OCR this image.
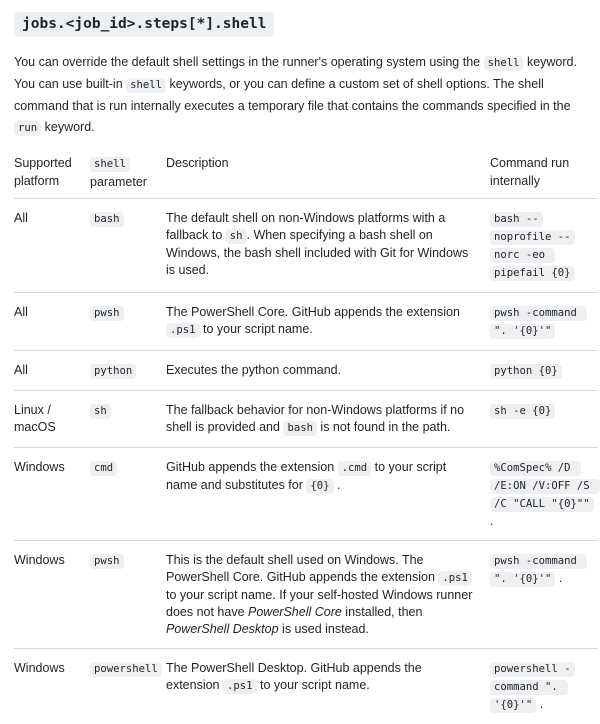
jobs.<job_id>.steps[*].shell

You can override the default shell settings in the runner's operating system using the shell keyword. You can use built-in shell keywords, or you can define a custom set of shell options. The shell command that is run internally executes a temporary file that contains the commands specified in the run keyword.

Supported platform	shell parameter	Description	Command run internally
All	bash	The default shell on non-Windows platforms with a fallback to sh . When specifying a bash shell on Windows, the bash shell included with Git for Windows is used.	bash --noprofile --norc -eo pipefail {0}
All	pwsh	The PowerShell Core. GitHub appends the extension .ps1 to your script name.	pwsh -command ". '{0}'"
All	python	Executes the python command.	python {0}
Linux / macOS	sh	The fallback behavior for non-Windows platforms if no shell is provided and bash is not found in the path.	sh -e {0}
Windows	cmd	GitHub appends the extension .cmd to your script name and substitutes for {0} .	%ComSpec% /D /E:ON /V:OFF /S /C "CALL "{0}"" .
Windows	pwsh	This is the default shell used on Windows. The PowerShell Core. GitHub appends the extension .ps1 to your script name. If your self-hosted Windows runner does not have PowerShell Core installed, then PowerShell Desktop is used instead.	pwsh -command ". '{0}'" .
Windows	powershell	The PowerShell Desktop. GitHub appends the extension .ps1 to your script name.	powershell -command ". '{0}'" .
